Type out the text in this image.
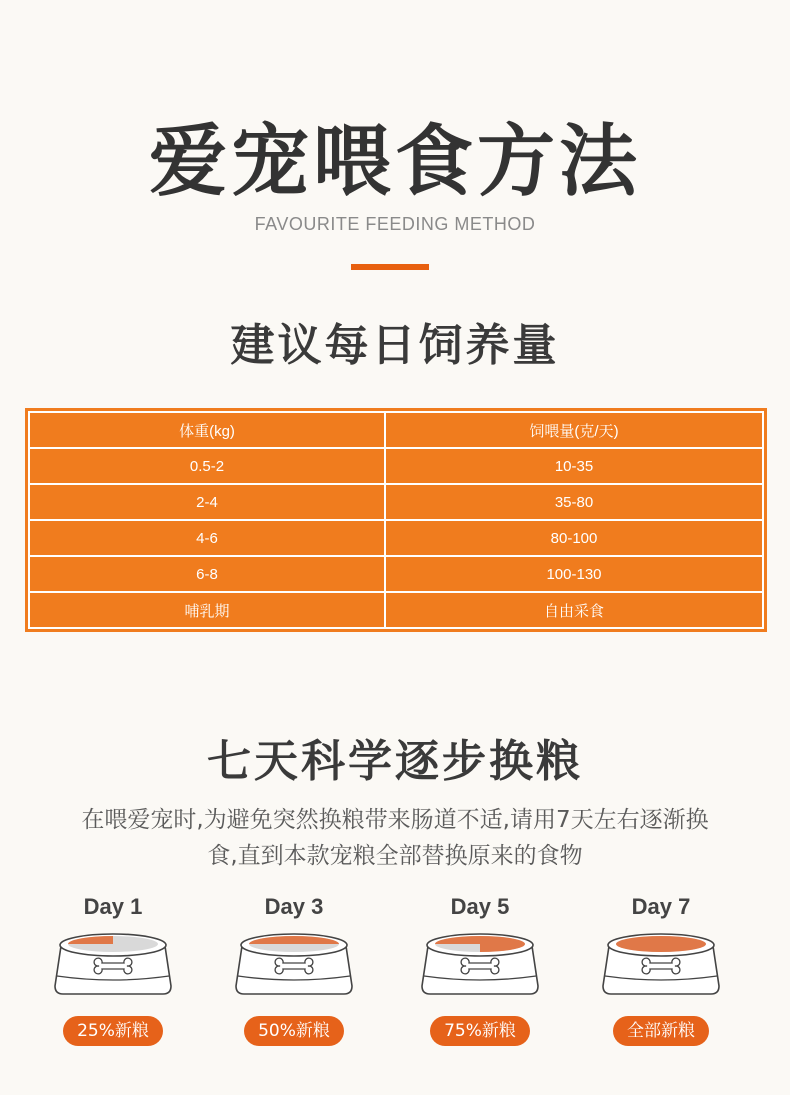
爱宠喂食方法
FAVOURITE FEEDING METHOD
建议每日饲养量
体重(kg)	饲喂量(克/天)
0.5-2	10-35
2-4	35-80
4-6	80-100
6-8	100-130
哺乳期	自由采食
七天科学逐步换粮
在喂爱宠时,为避免突然换粮带来肠道不适,请用7天左右逐渐换
食,直到本款宠粮全部替换原来的食物
Day 1
25%新粮
Day 3
50%新粮
Day 5
75%新粮
Day 7
全部新粮
